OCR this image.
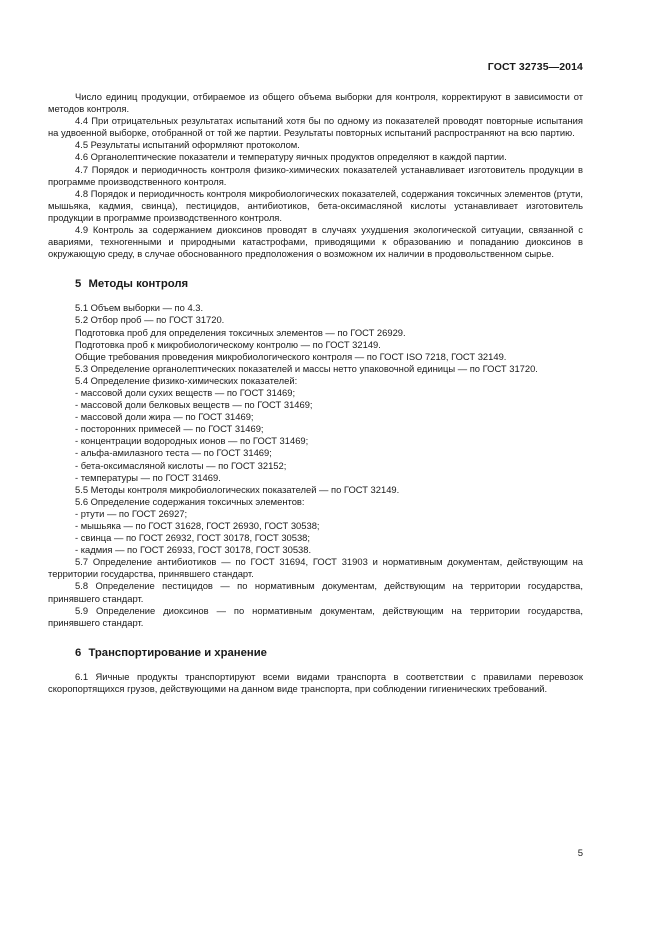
ГОСТ 32735—2014

Число единиц продукции, отбираемое из общего объема выборки для контроля, корректируют в зависимости от методов контроля.

4.4 При отрицательных результатах испытаний хотя бы по одному из показателей проводят повторные испытания на удвоенной выборке, отобранной от той же партии. Результаты повторных испытаний распространяют на всю партию.

4.5 Результаты испытаний оформляют протоколом.

4.6 Органолептические показатели и температуру яичных продуктов определяют в каждой партии.

4.7 Порядок и периодичность контроля физико-химических показателей устанавливает изготовитель продукции в программе производственного контроля.

4.8 Порядок и периодичность контроля микробиологических показателей, содержания токсичных элементов (ртути, мышьяка, кадмия, свинца), пестицидов, антибиотиков, бета-оксимасляной кислоты устанавливает изготовитель продукции в программе производственного контроля.

4.9 Контроль за содержанием диоксинов проводят в случаях ухудшения экологической ситуации, связанной с авариями, техногенными и природными катастрофами, приводящими к образованию и попаданию диоксинов в окружающую среду, в случае обоснованного предположения о возможном их наличии в продовольственном сырье.

5 Методы контроля

5.1 Объем выборки — по 4.3.

5.2 Отбор проб — по ГОСТ 31720.

Подготовка проб для определения токсичных элементов — по ГОСТ 26929.

Подготовка проб к микробиологическому контролю — по ГОСТ 32149.

Общие требования проведения микробиологического контроля — по ГОСТ ISO 7218, ГОСТ 32149.

5.3 Определение органолептических показателей и массы нетто упаковочной единицы — по ГОСТ 31720.

5.4 Определение физико-химических показателей:

- массовой доли сухих веществ — по ГОСТ 31469;

- массовой доли белковых веществ — по ГОСТ 31469;

- массовой доли жира — по ГОСТ 31469;

- посторонних примесей — по ГОСТ 31469;

- концентрации водородных ионов — по ГОСТ 31469;

- альфа-амилазного теста — по ГОСТ 31469;

- бета-оксимасляной кислоты — по ГОСТ 32152;

- температуры — по ГОСТ 31469.

5.5 Методы контроля микробиологических показателей — по ГОСТ 32149.

5.6 Определение содержания токсичных элементов:

- ртути — по ГОСТ 26927;

- мышьяка — по ГОСТ 31628, ГОСТ 26930, ГОСТ 30538;

- свинца — по ГОСТ 26932, ГОСТ 30178, ГОСТ 30538;

- кадмия — по ГОСТ 26933, ГОСТ 30178, ГОСТ 30538.

5.7 Определение антибиотиков — по ГОСТ 31694, ГОСТ 31903 и нормативным документам, действующим на территории государства, принявшего стандарт.

5.8 Определение пестицидов — по нормативным документам, действующим на территории государства, принявшего стандарт.

5.9 Определение диоксинов — по нормативным документам, действующим на территории государства, принявшего стандарт.

6 Транспортирование и хранение

6.1 Яичные продукты транспортируют всеми видами транспорта в соответствии с правилами перевозок скоропортящихся грузов, действующими на данном виде транспорта, при соблюдении гигиенических требований.

5
